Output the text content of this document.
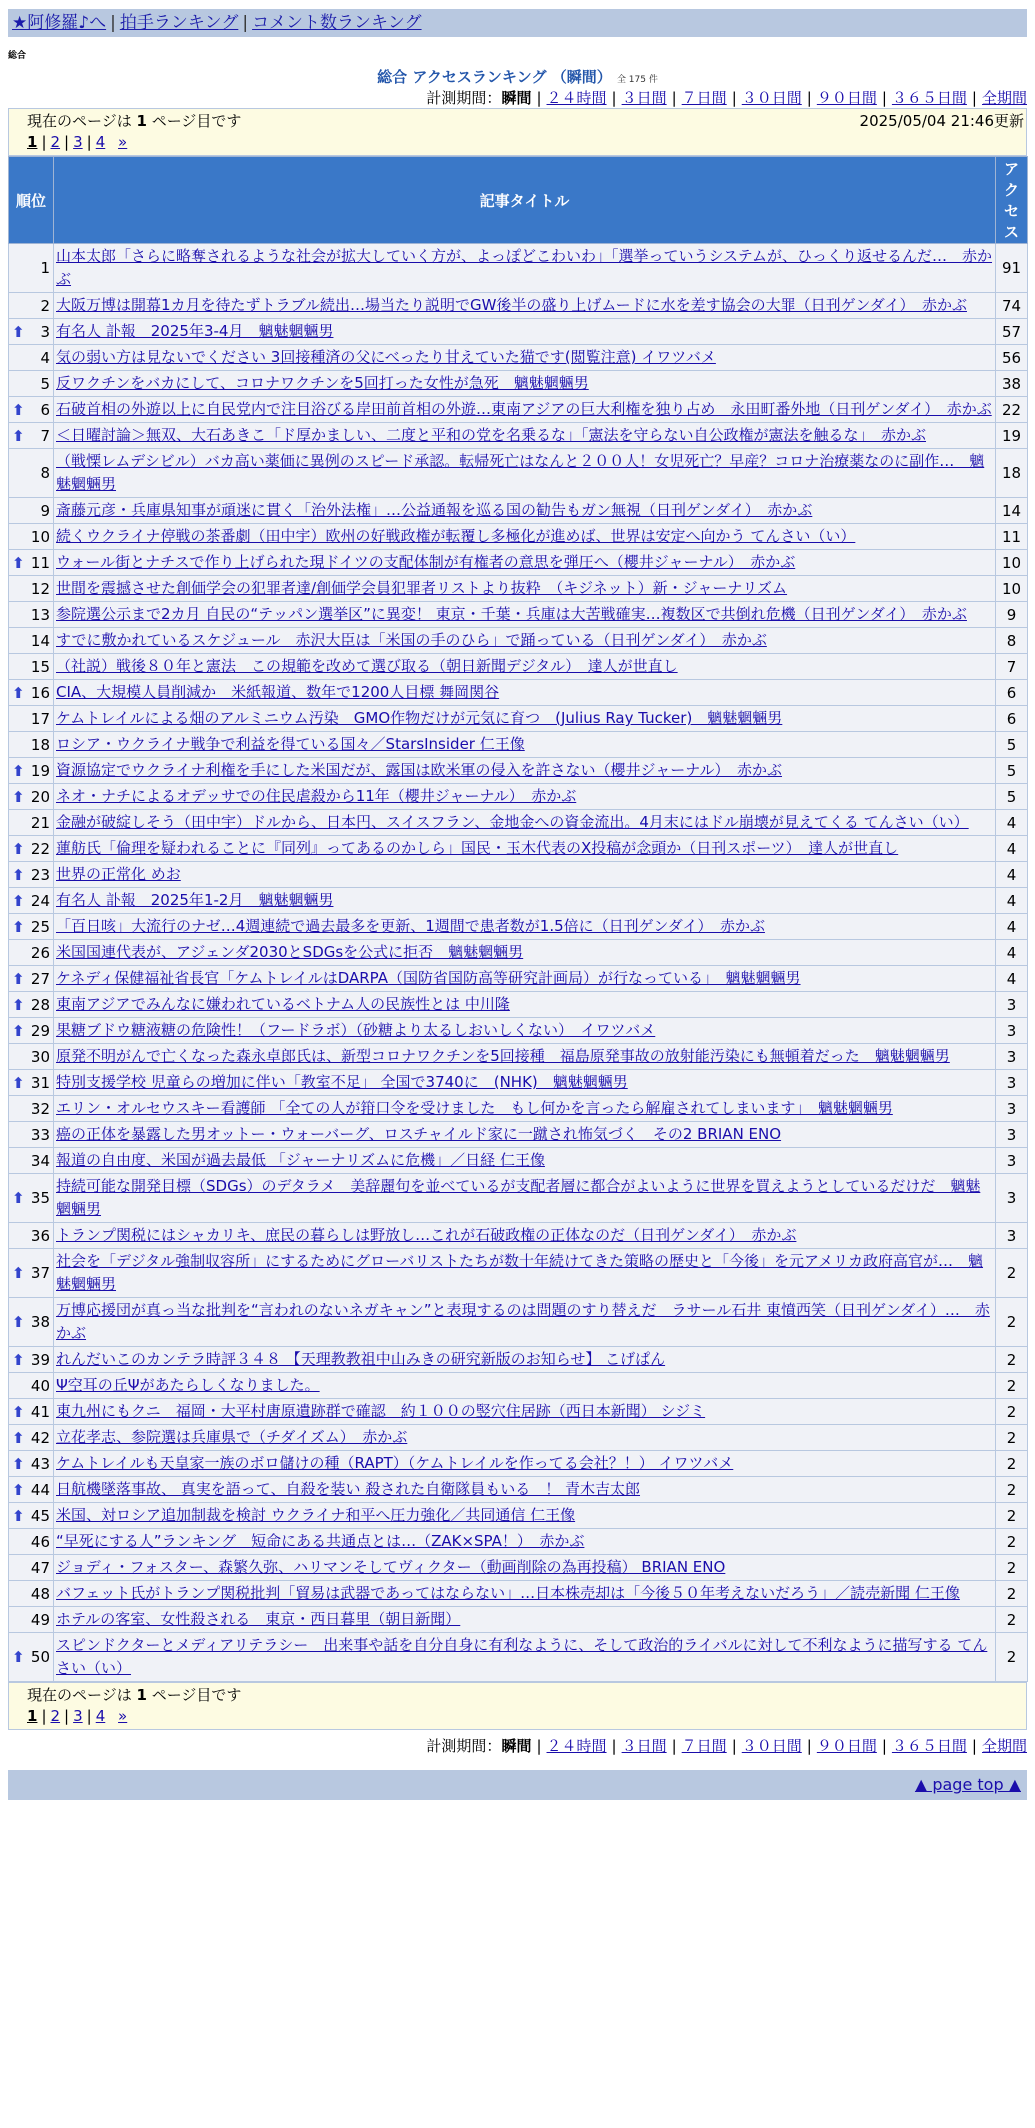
★阿修羅♪へ | 拍手ランキング | コメント数ランキング
総合
総合 アクセスランキング （瞬間） 全 175 件
計測期間：瞬間 | ２４時間 | ３日間 | ７日間 | ３０日間 | ９０日間 | ３６５日間 | 全期間
現在のページは 1 ページ目です	2025/05/04 21:46更新
1 | 2 | 3 | 4 »
順位	記事タイトル	アクセス
1	山本太郎「さらに略奪されるような社会が拡大していく方が、よっぽどこわいわ」「選挙っていうシステムが、ひっくり返せるんだ…　赤かぶ	91
2	大阪万博は開幕1カ月を待たずトラブル続出…場当たり説明でGW後半の盛り上げムードに水を差す協会の大罪（日刊ゲンダイ）　赤かぶ	74

⬆ 3	有名人 訃報　2025年3-4月　魑魅魍魎男	57
4	気の弱い方は見ないでください 3回接種済の父にべったり甘えていた猫です(閲覧注意) イワツバメ	56
5	反ワクチンをバカにして、コロナワクチンを5回打った女性が急死　魑魅魍魎男	38

⬆ 6	石破首相の外遊以上に自民党内で注目浴びる岸田前首相の外遊…東南アジアの巨大利権を独り占め　永田町番外地（日刊ゲンダイ）　赤かぶ	22

⬆ 7	＜日曜討論＞無双、大石あきこ「ド厚かましい、二度と平和の党を名乗るな」「憲法を守らない自公政権が憲法を触るな」　赤かぶ	19
8	（戦慄レムデシビル）バカ高い薬価に異例のスピード承認。転帰死亡はなんと２００人！女児死亡？早産？コロナ治療薬なのに副作…　魑魅魍魎男	18
9	斎藤元彦・兵庫県知事が頑迷に貫く「治外法権」…公益通報を巡る国の勧告もガン無視（日刊ゲンダイ）　赤かぶ	14
10	続くウクライナ停戦の茶番劇（田中宇）欧州の好戦政権が転覆し多極化が進めば、世界は安定へ向かう てんさい（い）	11

⬆ 11	ウォール街とナチスで作り上げられた現ドイツの支配体制が有権者の意思を弾圧へ（櫻井ジャーナル）　赤かぶ	10
12	世間を震撼させた創価学会の犯罪者達/創価学会員犯罪者リストより抜粋　（キジネット）新・ジャーナリズム	10
13	参院選公示まで2カ月 自民の“テッパン選挙区”に異変！ 東京・千葉・兵庫は大苦戦確実…複数区で共倒れ危機（日刊ゲンダイ）　赤かぶ	9
14	すでに敷かれているスケジュール　赤沢大臣は「米国の手のひら」で踊っている（日刊ゲンダイ）　赤かぶ	8
15	（社説）戦後８０年と憲法　この規範を改めて選び取る（朝日新聞デジタル）　達人が世直し	7

⬆ 16	CIA、大規模人員削減か　米紙報道、数年で1200人目標 舞岡関谷	6
17	ケムトレイルによる畑のアルミニウム汚染　GMO作物だけが元気に育つ　(Julius Ray Tucker)　魑魅魍魎男	6
18	ロシア・ウクライナ戦争で利益を得ている国々／StarsInsider 仁王像	5

⬆ 19	資源協定でウクライナ利権を手にした米国だが、露国は欧米軍の侵入を許さない（櫻井ジャーナル）　赤かぶ	5

⬆ 20	ネオ・ナチによるオデッサでの住民虐殺から11年（櫻井ジャーナル）　赤かぶ	5
21	金融が破綻しそう（田中宇）ドルから、日本円、スイスフラン、金地金への資金流出。4月末にはドル崩壊が見えてくる てんさい（い）	4

⬆ 22	蓮舫氏「倫理を疑われることに『同列』ってあるのかしら」国民・玉木代表のX投稿が念頭か（日刊スポーツ）　達人が世直し	4

⬆ 23	世界の正常化 めお	4

⬆ 24	有名人 訃報　2025年1-2月　魑魅魍魎男	4

⬆ 25	「百日咳」大流行のナゼ…4週連続で過去最多を更新、1週間で患者数が1.5倍に（日刊ゲンダイ）　赤かぶ	4
26	米国国連代表が、アジェンダ2030とSDGsを公式に拒否　魑魅魍魎男	4

⬆ 27	ケネディ保健福祉省長官「ケムトレイルはDARPA（国防省国防高等研究計画局）が行なっている」　魑魅魍魎男	4

⬆ 28	東南アジアでみんなに嫌われているベトナム人の民族性とは 中川隆	3

⬆ 29	果糖ブドウ糖液糖の危険性！（フードラボ）（砂糖より太るしおいしくない）　イワツバメ	3
30	原発不明がんで亡くなった森永卓郎氏は、新型コロナワクチンを5回接種　福島原発事故の放射能汚染にも無頓着だった　魑魅魍魎男	3

⬆ 31	特別支援学校 児童らの増加に伴い「教室不足」 全国で3740に　(NHK)　魑魅魍魎男	3
32	エリン・オルセウスキー看護師 「全ての人が箝口令を受けました　もし何かを言ったら解雇されてしまいます」　魑魅魍魎男	3
33	癌の正体を暴露した男オットー・ウォーバーグ、ロスチャイルド家に一蹴され怖気づく　その2 BRIAN ENO	3
34	報道の自由度、米国が過去最低 「ジャーナリズムに危機」／日経 仁王像	3

⬆ 35	持続可能な開発目標（SDGs）のデタラメ　美辞麗句を並べているが支配者層に都合がよいように世界を買えようとしているだけだ　魑魅魍魎男	3
36	トランプ関税にはシャカリキ、庶民の暮らしは野放し…これが石破政権の正体なのだ（日刊ゲンダイ）　赤かぶ	3

⬆ 37	社会を「デジタル強制収容所」にするためにグローバリストたちが数十年続けてきた策略の歴史と「今後」を元アメリカ政府高官が…　魑魅魍魎男	2

⬆ 38	万博応援団が真っ当な批判を“言われのないネガキャン”と表現するのは問題のすり替えだ　ラサール石井 東憤西笑（日刊ゲンダイ）…　赤かぶ	2

⬆ 39	れんだいこのカンテラ時評３４８ 【天理教教祖中山みきの研究新版のお知らせ】 こげぱん	2
40	Ψ空耳の丘Ψがあたらしくなりました。	2

⬆ 41	東九州にもクニ　福岡・大平村唐原遺跡群で確認　約１００の竪穴住居跡（西日本新聞） シジミ	2

⬆ 42	立花孝志、参院選は兵庫県で（チダイズム）　赤かぶ	2

⬆ 43	ケムトレイルも天皇家一族のボロ儲けの種（RAPT）（ケムトレイルを作ってる会社？！） イワツバメ	2

⬆ 44	日航機墜落事故、 真実を語って、自殺を装い 殺された自衛隊員もいる　！ 青木吉太郎	2

⬆ 45	米国、対ロシア追加制裁を検討 ウクライナ和平へ圧力強化／共同通信 仁王像	2
46	“早死にする人”ランキング　短命にある共通点とは…（ZAK×SPA！）　赤かぶ	2
47	ジョディ・フォスター、森繁久弥、ハリマンそしてヴィクター（動画削除の為再投稿） BRIAN ENO	2
48	バフェット氏がトランプ関税批判「貿易は武器であってはならない」…日本株売却は「今後５０年考えないだろう」／読売新聞 仁王像	2
49	ホテルの客室、女性殺される　東京・西日暮里（朝日新聞）	2

⬆ 50	スピンドクターとメディアリテラシー　出来事や話を自分自身に有利なように、そして政治的ライバルに対して不利なように描写する てんさい（い）	2
現在のページは 1 ページ目です
1 | 2 | 3 | 4 »
計測期間：瞬間 | ２４時間 | ３日間 | ７日間 | ３０日間 | ９０日間 | ３６５日間 | 全期間
▲ page top ▲
